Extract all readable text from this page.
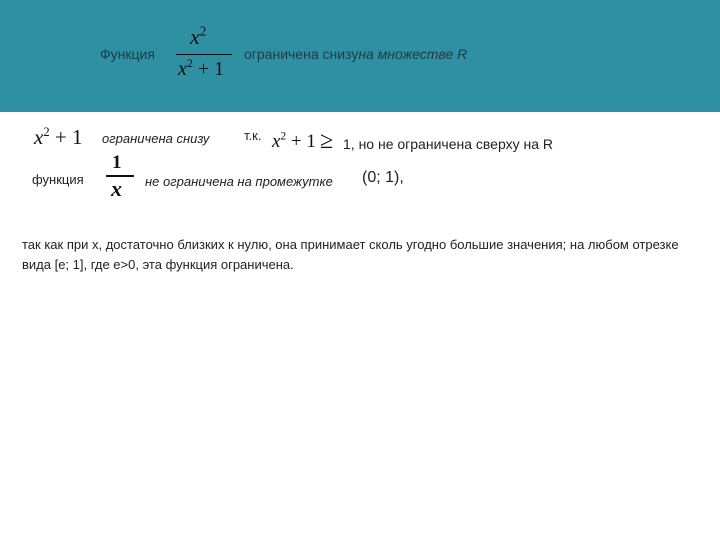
Функция
$x^2$
$x^2 + 1$
ограничена снизуна множестве R
$x^2 + 1$ ограничена снизу	т.к. $x^2 + 1 \ge 1$, но не ограничена сверху на R
функция
1
x не ограничена на промежутке (0; 1),
так как при x, достаточно близких к нулю, она принимает сколь угодно большие значения; на любом отрезке вида [e; 1], где e>0, эта функция ограничена.
